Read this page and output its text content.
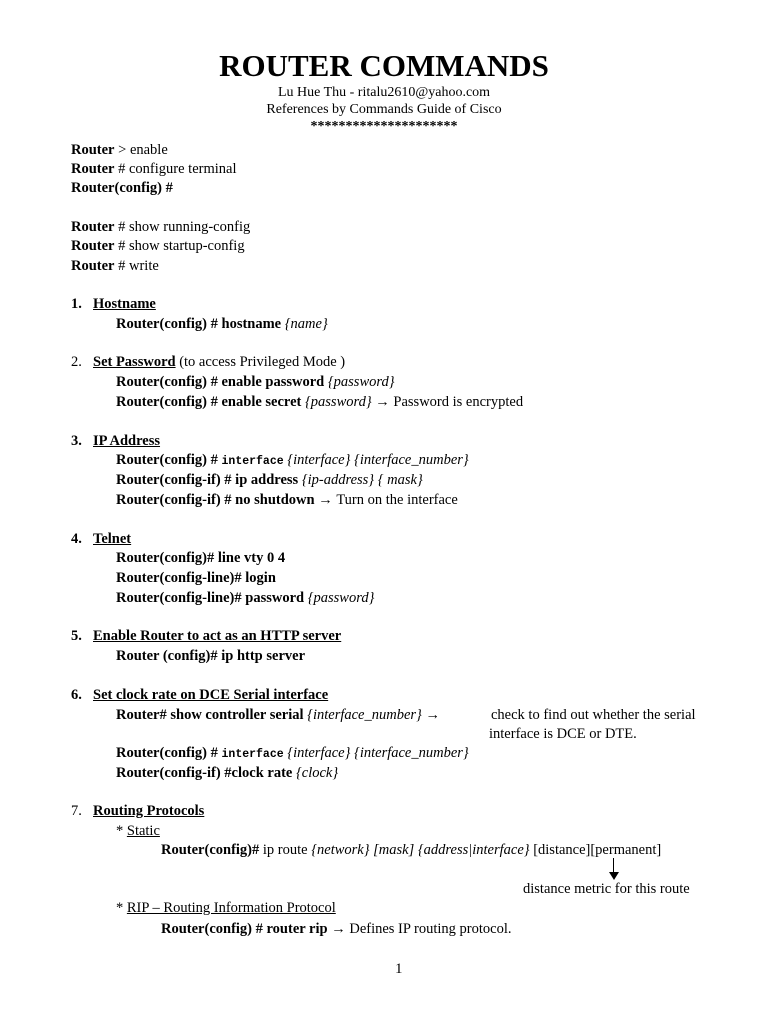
ROUTER COMMANDS
Lu Hue Thu - ritalu2610@yahoo.com
References by Commands Guide of Cisco
*********************
Router > enable
Router # configure terminal
Router(config) #
Router # show running-config
Router # show startup-config
Router # write
1. Hostname
Router(config) # hostname {name}
2. Set Password (to access Privileged Mode )
Router(config) # enable password {password}
Router(config) # enable secret {password} → Password is encrypted
3. IP Address
Router(config) # interface {interface} {interface_number}
Router(config-if) # ip address {ip-address} { mask}
Router(config-if) # no shutdown → Turn on the interface
4. Telnet
Router(config)# line vty 0 4
Router(config-line)# login
Router(config-line)# password {password}
5. Enable Router to act as an HTTP server
Router (config)# ip http server
6. Set clock rate on DCE Serial interface
Router# show controller serial {interface_number} →	check to find out whether the serial
interface is DCE or DTE.
Router(config) # interface {interface} {interface_number}
Router(config-if) #clock rate {clock}
7. Routing Protocols
* Static
Router(config)# ip route {network} [mask] {address|interface} [distance][permanent]
distance metric for this route
* RIP – Routing Information Protocol
Router(config) # router rip → Defines IP routing protocol.
1
